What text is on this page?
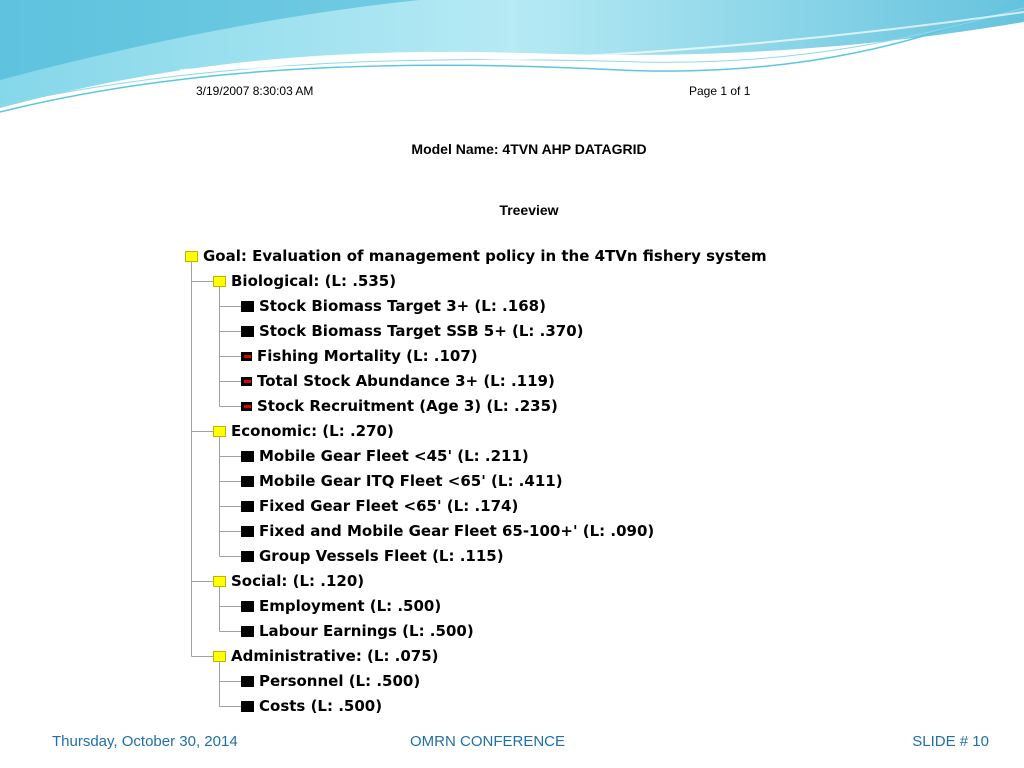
3/19/2007 8:30:03 AM	Page 1 of 1
Model Name: 4TVN AHP DATAGRID
Treeview
Goal: Evaluation of management policy in the 4TVn fishery system
Biological: (L: .535)
Stock Biomass Target 3+ (L: .168)
Stock Biomass Target SSB 5+ (L: .370)
Fishing Mortality (L: .107)
Total Stock Abundance 3+ (L: .119)
Stock Recruitment (Age 3) (L: .235)
Economic: (L: .270)
Mobile Gear Fleet <45' (L: .211)
Mobile Gear ITQ Fleet <65' (L: .411)
Fixed Gear Fleet <65' (L: .174)
Fixed and Mobile Gear Fleet 65-100+' (L: .090)
Group Vessels Fleet (L: .115)
Social: (L: .120)
Employment (L: .500)
Labour Earnings (L: .500)
Administrative: (L: .075)
Personnel (L: .500)
Costs (L: .500)
Thursday, October 30, 2014	OMRN CONFERENCE	SLIDE # 10
